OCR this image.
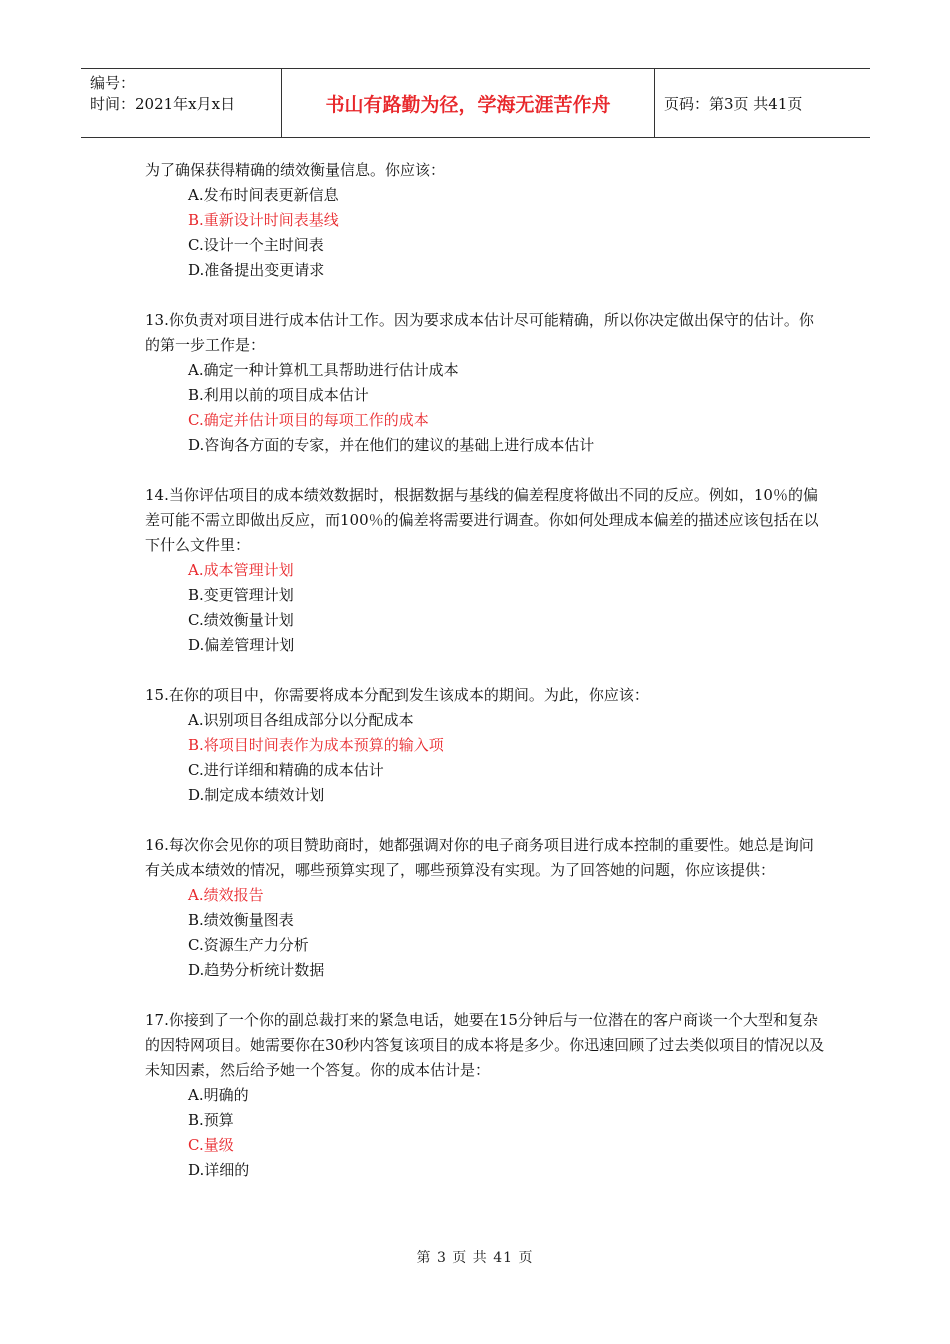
编号：
时间：2021年x月x日	书山有路勤为径，学海无涯苦作舟	页码：第3页 共41页
为了确保获得精确的绩效衡量信息。你应该：
A.发布时间表更新信息
B.重新设计时间表基线
C.设计一个主时间表
D.准备提出变更请求
13.你负责对项目进行成本估计工作。因为要求成本估计尽可能精确，所以你决定做出保守的估计。你的第一步工作是：
A.确定一种计算机工具帮助进行估计成本
B.利用以前的项目成本估计
C.确定并估计项目的每项工作的成本
D.咨询各方面的专家，并在他们的建议的基础上进行成本估计
14.当你评估项目的成本绩效数据时，根据数据与基线的偏差程度将做出不同的反应。例如，10％的偏差可能不需立即做出反应，而100％的偏差将需要进行调查。你如何处理成本偏差的描述应该包括在以下什么文件里：
A.成本管理计划
B.变更管理计划
C.绩效衡量计划
D.偏差管理计划
15.在你的项目中，你需要将成本分配到发生该成本的期间。为此，你应该：
A.识别项目各组成部分以分配成本
B.将项目时间表作为成本预算的输入项
C.进行详细和精确的成本估计
D.制定成本绩效计划
16.每次你会见你的项目赞助商时，她都强调对你的电子商务项目进行成本控制的重要性。她总是询问有关成本绩效的情况，哪些预算实现了，哪些预算没有实现。为了回答她的问题，你应该提供：
A.绩效报告
B.绩效衡量图表
C.资源生产力分析
D.趋势分析统计数据
17.你接到了一个你的副总裁打来的紧急电话，她要在15分钟后与一位潜在的客户商谈一个大型和复杂的因特网项目。她需要你在30秒内答复该项目的成本将是多少。你迅速回顾了过去类似项目的情况以及未知因素，然后给予她一个答复。你的成本估计是：
A.明确的
B.预算
C.量级
D.详细的
第 3 页 共 41 页
